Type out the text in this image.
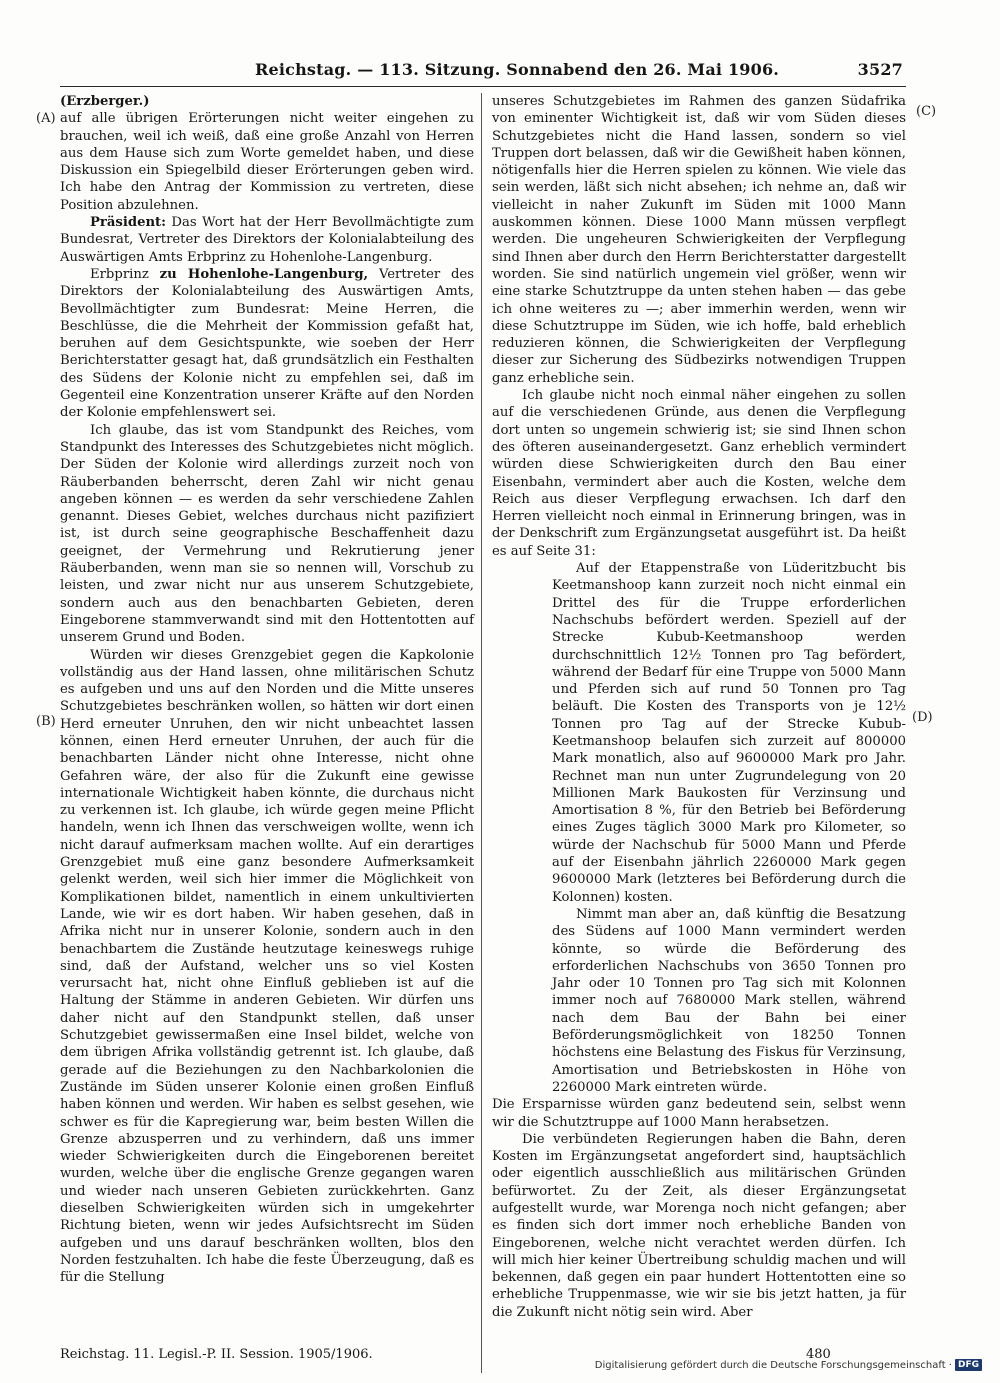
Reichstag. — 113. Sitzung. Sonnabend den 26. Mai 1906.	3527
(A)
(B)
(C)
(D)

(Erzberger.)

auf alle übrigen Erörterungen nicht weiter eingehen zu brauchen, weil ich weiß, daß eine große Anzahl von Herren aus dem Hause sich zum Worte gemeldet haben, und diese Diskussion ein Spiegelbild dieser Erörterungen geben wird. Ich habe den Antrag der Kommission zu vertreten, diese Position abzulehnen.

Präsident: Das Wort hat der Herr Bevollmächtigte zum Bundesrat, Vertreter des Direktors der Kolonialabteilung des Auswärtigen Amts Erbprinz zu Hohenlohe-Langenburg.

Erbprinz zu Hohenlohe-Langenburg, Vertreter des Direktors der Kolonialabteilung des Auswärtigen Amts, Bevollmächtigter zum Bundesrat: Meine Herren, die Beschlüsse, die die Mehrheit der Kommission gefaßt hat, beruhen auf dem Gesichtspunkte, wie soeben der Herr Berichterstatter gesagt hat, daß grundsätzlich ein Festhalten des Südens der Kolonie nicht zu empfehlen sei, daß im Gegenteil eine Konzentration unserer Kräfte auf den Norden der Kolonie empfehlenswert sei.

Ich glaube, das ist vom Standpunkt des Reiches, vom Standpunkt des Interesses des Schutzgebietes nicht möglich. Der Süden der Kolonie wird allerdings zurzeit noch von Räuberbanden beherrscht, deren Zahl wir nicht genau angeben können — es werden da sehr verschiedene Zahlen genannt. Dieses Gebiet, welches durchaus nicht pazifiziert ist, ist durch seine geographische Beschaffenheit dazu geeignet, der Vermehrung und Rekrutierung jener Räuberbanden, wenn man sie so nennen will, Vorschub zu leisten, und zwar nicht nur aus unserem Schutzgebiete, sondern auch aus den benachbarten Gebieten, deren Eingeborene stammverwandt sind mit den Hottentotten auf unserem Grund und Boden.

Würden wir dieses Grenzgebiet gegen die Kapkolonie vollständig aus der Hand lassen, ohne militärischen Schutz es aufgeben und uns auf den Norden und die Mitte unseres Schutzgebietes beschränken wollen, so hätten wir dort einen Herd erneuter Unruhen, den wir nicht unbeachtet lassen können, einen Herd erneuter Unruhen, der auch für die benachbarten Länder nicht ohne Interesse, nicht ohne Gefahren wäre, der also für die Zukunft eine gewisse internationale Wichtigkeit haben könnte, die durchaus nicht zu verkennen ist. Ich glaube, ich würde gegen meine Pflicht handeln, wenn ich Ihnen das verschweigen wollte, wenn ich nicht darauf aufmerksam machen wollte. Auf ein derartiges Grenzgebiet muß eine ganz besondere Aufmerksamkeit gelenkt werden, weil sich hier immer die Möglichkeit von Komplikationen bildet, namentlich in einem unkultivierten Lande, wie wir es dort haben. Wir haben gesehen, daß in Afrika nicht nur in unserer Kolonie, sondern auch in den benachbartem die Zustände heutzutage keineswegs ruhige sind, daß der Aufstand, welcher uns so viel Kosten verursacht hat, nicht ohne Einfluß geblieben ist auf die Haltung der Stämme in anderen Gebieten. Wir dürfen uns daher nicht auf den Standpunkt stellen, daß unser Schutzgebiet gewissermaßen eine Insel bildet, welche von dem übrigen Afrika vollständig getrennt ist. Ich glaube, daß gerade auf die Beziehungen zu den Nachbarkolonien die Zustände im Süden unserer Kolonie einen großen Einfluß haben können und werden. Wir haben es selbst gesehen, wie schwer es für die Kapregierung war, beim besten Willen die Grenze abzusperren und zu verhindern, daß uns immer wieder Schwierigkeiten durch die Eingeborenen bereitet wurden, welche über die englische Grenze gegangen waren und wieder nach unseren Gebieten zurückkehrten. Ganz dieselben Schwierigkeiten würden sich in umgekehrter Richtung bieten, wenn wir jedes Aufsichtsrecht im Süden aufgeben und uns darauf beschränken wollten, blos den Norden festzuhalten. Ich habe die feste Überzeugung, daß es für die Stellung

unseres Schutzgebietes im Rahmen des ganzen Südafrika von eminenter Wichtigkeit ist, daß wir vom Süden dieses Schutzgebietes nicht die Hand lassen, sondern so viel Truppen dort belassen, daß wir die Gewißheit haben können, nötigenfalls hier die Herren spielen zu können. Wie viele das sein werden, läßt sich nicht absehen; ich nehme an, daß wir vielleicht in naher Zukunft im Süden mit 1000 Mann auskommen können. Diese 1000 Mann müssen verpflegt werden. Die ungeheuren Schwierigkeiten der Verpflegung sind Ihnen aber durch den Herrn Berichterstatter dargestellt worden. Sie sind natürlich ungemein viel größer, wenn wir eine starke Schutztruppe da unten stehen haben — das gebe ich ohne weiteres zu —; aber immerhin werden, wenn wir diese Schutztruppe im Süden, wie ich hoffe, bald erheblich reduzieren können, die Schwierigkeiten der Verpflegung dieser zur Sicherung des Südbezirks notwendigen Truppen ganz erhebliche sein.

Ich glaube nicht noch einmal näher eingehen zu sollen auf die verschiedenen Gründe, aus denen die Verpflegung dort unten so ungemein schwierig ist; sie sind Ihnen schon des öfteren auseinandergesetzt. Ganz erheblich vermindert würden diese Schwierigkeiten durch den Bau einer Eisenbahn, vermindert aber auch die Kosten, welche dem Reich aus dieser Verpflegung erwachsen. Ich darf den Herren vielleicht noch einmal in Erinnerung bringen, was in der Denkschrift zum Ergänzungsetat ausgeführt ist. Da heißt es auf Seite 31:

Auf der Etappenstraße von Lüderitzbucht bis Keetmanshoop kann zurzeit noch nicht einmal ein Drittel des für die Truppe erforderlichen Nachschubs befördert werden. Speziell auf der Strecke Kubub-Keetmanshoop werden durchschnittlich 12½ Tonnen pro Tag befördert, während der Bedarf für eine Truppe von 5000 Mann und Pferden sich auf rund 50 Tonnen pro Tag beläuft. Die Kosten des Transports von je 12½ Tonnen pro Tag auf der Strecke Kubub-Keetmanshoop belaufen sich zurzeit auf 800000 Mark monatlich, also auf 9600000 Mark pro Jahr. Rechnet man nun unter Zugrundelegung von 20 Millionen Mark Baukosten für Verzinsung und Amortisation 8 %, für den Betrieb bei Beförderung eines Zuges täglich 3000 Mark pro Kilometer, so würde der Nachschub für 5000 Mann und Pferde auf der Eisenbahn jährlich 2260000 Mark gegen 9600000 Mark (letzteres bei Beförderung durch die Kolonnen) kosten.

Nimmt man aber an, daß künftig die Besatzung des Südens auf 1000 Mann vermindert werden könnte, so würde die Beförderung des erforderlichen Nachschubs von 3650 Tonnen pro Jahr oder 10 Tonnen pro Tag sich mit Kolonnen immer noch auf 7680000 Mark stellen, während nach dem Bau der Bahn bei einer Beförderungsmöglichkeit von 18250 Tonnen höchstens eine Belastung des Fiskus für Verzinsung, Amortisation und Betriebskosten in Höhe von 2260000 Mark eintreten würde.

Die Ersparnisse würden ganz bedeutend sein, selbst wenn wir die Schutztruppe auf 1000 Mann herabsetzen.

Die verbündeten Regierungen haben die Bahn, deren Kosten im Ergänzungsetat angefordert sind, hauptsächlich oder eigentlich ausschließlich aus militärischen Gründen befürwortet. Zu der Zeit, als dieser Ergänzungsetat aufgestellt wurde, war Morenga noch nicht gefangen; aber es finden sich dort immer noch erhebliche Banden von Eingeborenen, welche nicht verachtet werden dürfen. Ich will mich hier keiner Übertreibung schuldig machen und will bekennen, daß gegen ein paar hundert Hottentotten eine so erhebliche Truppenmasse, wie wir sie bis jetzt hatten, ja für die Zukunft nicht nötig sein wird. Aber

Reichstag. 11. Legisl.-P. II. Session. 1905/1906.	480
Digitalisierung gefördert durch die Deutsche Forschungsgemeinschaft · DFG
